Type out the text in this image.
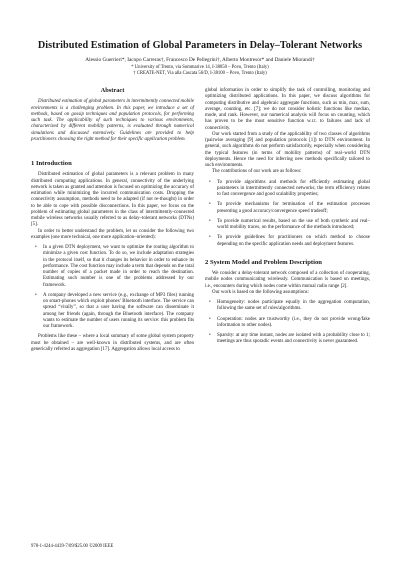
Distributed Estimation of Global Parameters in Delay–Tolerant Networks
Alessio Guerrieri*, Iacopo Carreras†, Francesco De Pellegrini†, Alberto Montresor* and Daniele Miorandi†
* University of Trento, via Sommarive 14, I-38050 – Povo, Trento (Italy)
† CREATE-NET, Via alla Cascata 56/D, I-38100 – Povo, Trento (Italy)
Abstract

Distributed estimation of global parameters in intermittently connected mobile environments is a challenging problem. In this paper, we introduce a set of methods, based on gossip techniques and population protocols, for performing such task. The applicability of such techniques to various environments, characterized by different mobility patterns, is evaluated through numerical simulations and discussed extensively. Guidelines are provided to help practitioners choosing the right method for their specific application problem.

1 Introduction

Distributed estimation of global parameters is a relevant problem in many distributed computing applications. In general, connectivity of the underlying network is taken as granted and attention is focused on optimizing the accuracy of estimation while minimizing the incurred communication costs. Dropping the connectivity assumption, methods need to be adapted (if not re-thought) in order to be able to cope with possible disconnections. In this paper, we focus on the problem of estimating global parameters in the class of intermittently-connected mobile wireless networks usually referred to as delay–tolerant networks (DTNs) [5].

In order to better understand the problem, let us consider the following two examples (one more technical, one more application–oriented):

• In a given DTN deployment, we want to optimize the routing algorithm to minimize a given cost function. To do so, we include adaptation strategies in the protocol itself, so that it changes its behavior in order to enhance its performance. The cost function may include a term that depends on the total number of copies of a packet made in order to reach the destination. Estimating such number is one of the problems addressed by our framework.

• A company developed a new service (e.g., exchange of MP3 files) running on smart-phones which exploit phones’ Bluetooth interface. The service can spread “virally”, so that a user having the software can disseminate it among her friends (again, through the Bluetooth interface). The company wants to estimate the number of users running its service: this problem fits our framework.

Problems like these – where a local summary of some global system property must be obtained – are well-known in distributed systems, and are often generically referred as aggregation [17]. Aggregation allows local access to

global information in order to simplify the task of controlling, monitoring and optimizing distributed applications. In this paper, we discuss algorithms for computing distributive and algebraic aggregate functions, such as min, max, sum, average, counting, etc. [7]; we do not consider holistic functions like median, mode, and rank. However, our numerical analysis will focus on counting, which has proven to be the most sensitive function w.r.t. to failures and lack of connectivity.

Our work started from a study of the applicability of two classes of algorithms (pairwise averaging [9] and population protocols [1]) to DTN environment. In general, such algorithms do not perform satisfactorily, especially when considering the typical features (in terms of mobility patterns) of real–world DTN deployments. Hence the need for inferring new methods specifically tailored to such environments.

The contributions of our work are as follows:

• To provide algorithms and methods for efficiently estimating global parameters in intermittently connected networks; the term efficiency relates to fast convergence and good scalability properties;

• To provide mechanisms for termination of the estimation processes presenting a good accuracy/convergence speed tradeoff;

• To provide numerical results, based on the use of both synthetic and real–world mobility traces, on the performance of the methods introduced;

• To provide guidelines for practitioners on which method to choose depending on the specific application needs and deployment features.

2 System Model and Problem Description

We consider a delay-tolerant network composed of a collection of cooperating, mobile nodes communicating wirelessly. Communication is based on meetings, i.e., encounters during which nodes come within mutual radio range [2].

Our work is based on the following assumptions:

• Homogeneity: nodes participate equally in the aggregation computation, following the same set of rules/algorithms.

• Cooperation: nodes are trustworthy (i.e., they do not provide wrong/fake information to other nodes).

• Sparsity: at any time instant, nodes are isolated with a probability close to 1; meetings are thus sporadic events and connectivity is never guaranteed.

978-1-4244-4439-7/09/$25.00 ©2009 IEEE
